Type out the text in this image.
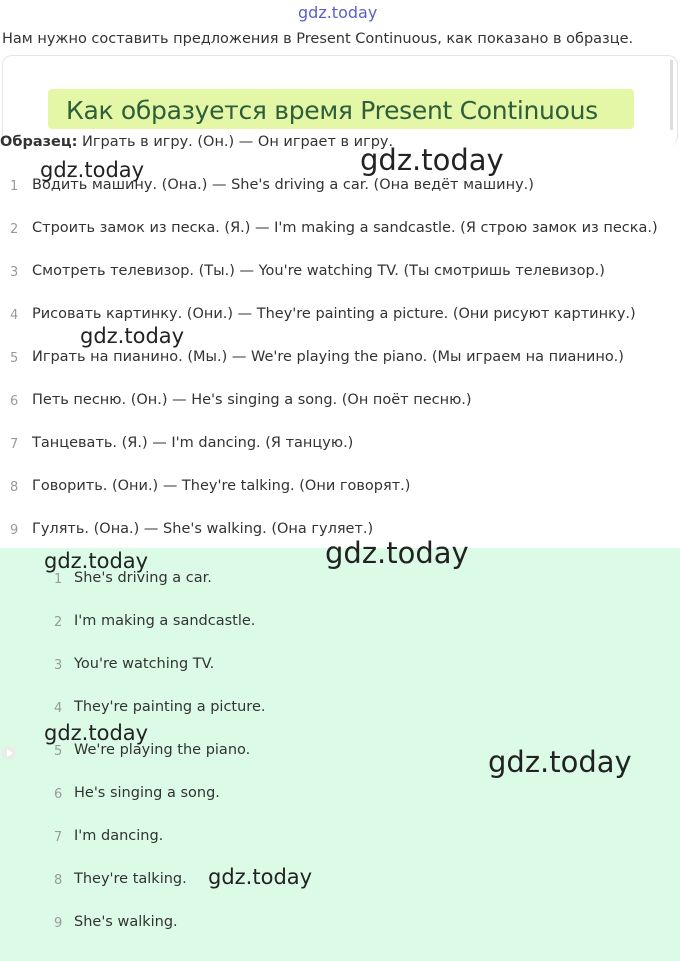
gdz.today
Нам нужно составить предложения в Present Continuous, как показано в образце.
Как образуется время Present Continuous
Образец: Играть в игру. (Он.) — Он играет в игру.
1 Водить машину. (Она.) — She's driving a car. (Она ведёт машину.)
2 Строить замок из песка. (Я.) — I'm making a sandcastle. (Я строю замок из песка.)
3 Смотреть телевизор. (Ты.) — You're watching TV. (Ты смотришь телевизор.)
4 Рисовать картинку. (Они.) — They're painting a picture. (Они рисуют картинку.)
5 Играть на пианино. (Мы.) — We're playing the piano. (Мы играем на пианино.)
6 Петь песню. (Он.) — He's singing a song. (Он поёт песню.)
7 Танцевать. (Я.) — I'm dancing. (Я танцую.)
8 Говорить. (Они.) — They're talking. (Они говорят.)
9 Гулять. (Она.) — She's walking. (Она гуляет.)
1 She's driving a car.
2 I'm making a sandcastle.
3 You're watching TV.
4 They're painting a picture.
5 We're playing the piano.
6 He's singing a song.
7 I'm dancing.
8 They're talking.
9 She's walking.
gdz.today	gdz.today
gdz.today
gdz.today	gdz.today
gdz.today
gdz.today
gdz.today
